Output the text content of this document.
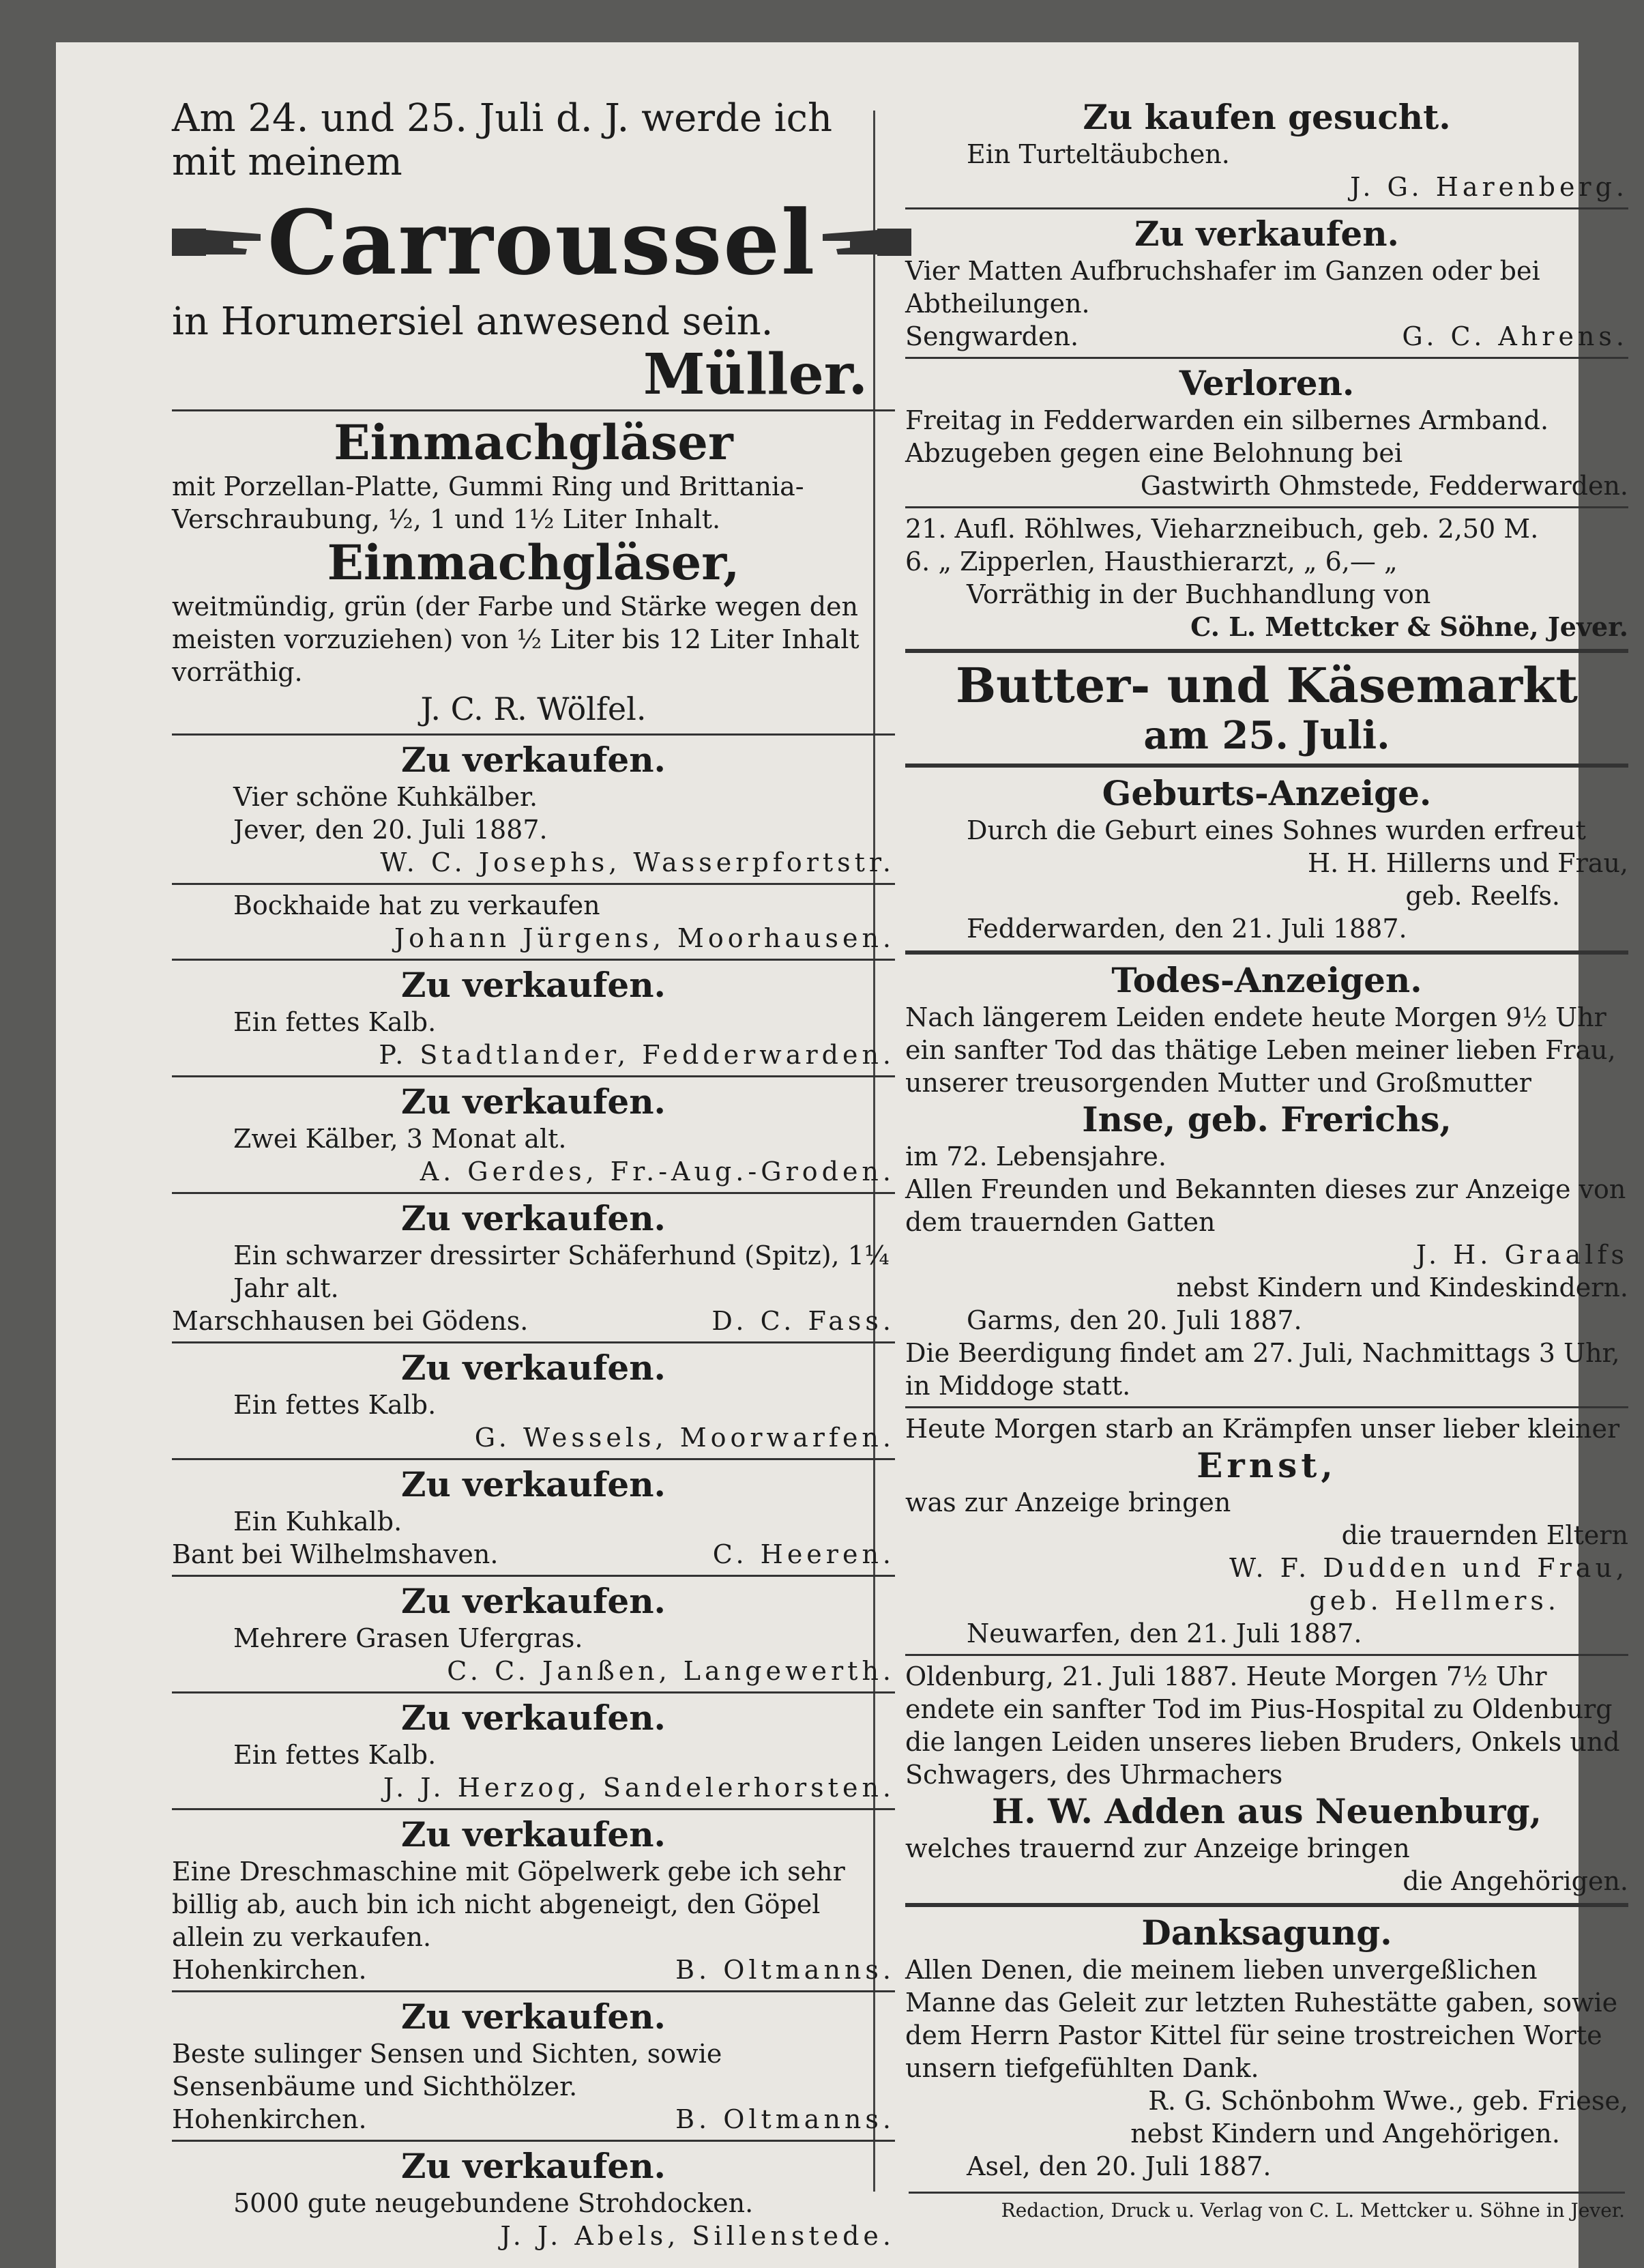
Am 24. und 25. Juli d. J. werde ich mit meinem
Carroussel
in Horumersiel anwesend sein.
Müller.
Einmachgläser
mit Porzellan-Platte, Gummi Ring und Brittania-Verschraubung, ½, 1 und 1½ Liter Inhalt.
Einmachgläser,
weitmündig, grün (der Farbe und Stärke wegen den meisten vorzuziehen) von ½ Liter bis 12 Liter Inhalt vorräthig.
J. C. R. Wölfel.
Zu verkaufen.
Vier schöne Kuhkälber.
Jever, den 20. Juli 1887.
W. C. Josephs, Wasserpfortstr.
Bockhaide hat zu verkaufen
Johann Jürgens, Moorhausen.
Zu verkaufen.
Ein fettes Kalb.
P. Stadtlander, Fedderwarden.
Zu verkaufen.
Zwei Kälber, 3 Monat alt.
A. Gerdes, Fr.-Aug.-Groden.
Zu verkaufen.
Ein schwarzer dressirter Schäferhund (Spitz), 1¼ Jahr alt.
Marschhausen bei Gödens.	D. C. Fass.
Zu verkaufen.
Ein fettes Kalb.
G. Wessels, Moorwarfen.
Zu verkaufen.
Ein Kuhkalb.
Bant bei Wilhelmshaven.	C. Heeren.
Zu verkaufen.
Mehrere Grasen Ufergras.
C. C. Janßen, Langewerth.
Zu verkaufen.
Ein fettes Kalb.
J. J. Herzog, Sandelerhorsten.
Zu verkaufen.
Eine Dreschmaschine mit Göpelwerk gebe ich sehr billig ab, auch bin ich nicht abgeneigt, den Göpel allein zu verkaufen.
Hohenkirchen.	B. Oltmanns.
Zu verkaufen.
Beste sulinger Sensen und Sichten, sowie Sensenbäume und Sichthölzer.
Hohenkirchen.	B. Oltmanns.
Zu verkaufen.
5000 gute neugebundene Strohdocken.
J. J. Abels, Sillenstede.
Zu kaufen gesucht.
Ein Turteltäubchen.
J. G. Harenberg.
Zu verkaufen.
Vier Matten Aufbruchshafer im Ganzen oder bei Abtheilungen.
Sengwarden.	G. C. Ahrens.
Verloren.
Freitag in Fedderwarden ein silbernes Armband.
Abzugeben gegen eine Belohnung bei
Gastwirth Ohmstede, Fedderwarden.
21. Aufl. Röhlwes, Vieharzneibuch, geb. 2,50 M.
6. „ Zipperlen, Hausthierarzt, „ 6,— „
Vorräthig in der Buchhandlung von
C. L. Mettcker & Söhne, Jever.
Butter- und Käsemarkt
am 25. Juli.
Geburts-Anzeige.
Durch die Geburt eines Sohnes wurden erfreut
H. H. Hillerns und Frau,
geb. Reelfs.
Fedderwarden, den 21. Juli 1887.
Todes-Anzeigen.
Nach längerem Leiden endete heute Morgen 9½ Uhr ein sanfter Tod das thätige Leben meiner lieben Frau, unserer treusorgenden Mutter und Großmutter
Inse, geb. Frerichs,
im 72. Lebensjahre.
Allen Freunden und Bekannten dieses zur Anzeige von dem trauernden Gatten
J. H. Graalfs
nebst Kindern und Kindeskindern.
Garms, den 20. Juli 1887.
Die Beerdigung findet am 27. Juli, Nachmittags 3 Uhr, in Middoge statt.
Heute Morgen starb an Krämpfen unser lieber kleiner
Ernst,
was zur Anzeige bringen
die trauernden Eltern
W. F. Dudden und Frau,
geb. Hellmers.
Neuwarfen, den 21. Juli 1887.
Oldenburg, 21. Juli 1887. Heute Morgen 7½ Uhr endete ein sanfter Tod im Pius-Hospital zu Oldenburg die langen Leiden unseres lieben Bruders, Onkels und Schwagers, des Uhrmachers
H. W. Adden aus Neuenburg,
welches trauernd zur Anzeige bringen
die Angehörigen.
Danksagung.
Allen Denen, die meinem lieben unvergeßlichen Manne das Geleit zur letzten Ruhestätte gaben, sowie dem Herrn Pastor Kittel für seine trostreichen Worte unsern tiefgefühlten Dank.
R. G. Schönbohm Wwe., geb. Friese,
nebst Kindern und Angehörigen.
Asel, den 20. Juli 1887.
Redaction, Druck u. Verlag von C. L. Mettcker u. Söhne in Jever.
